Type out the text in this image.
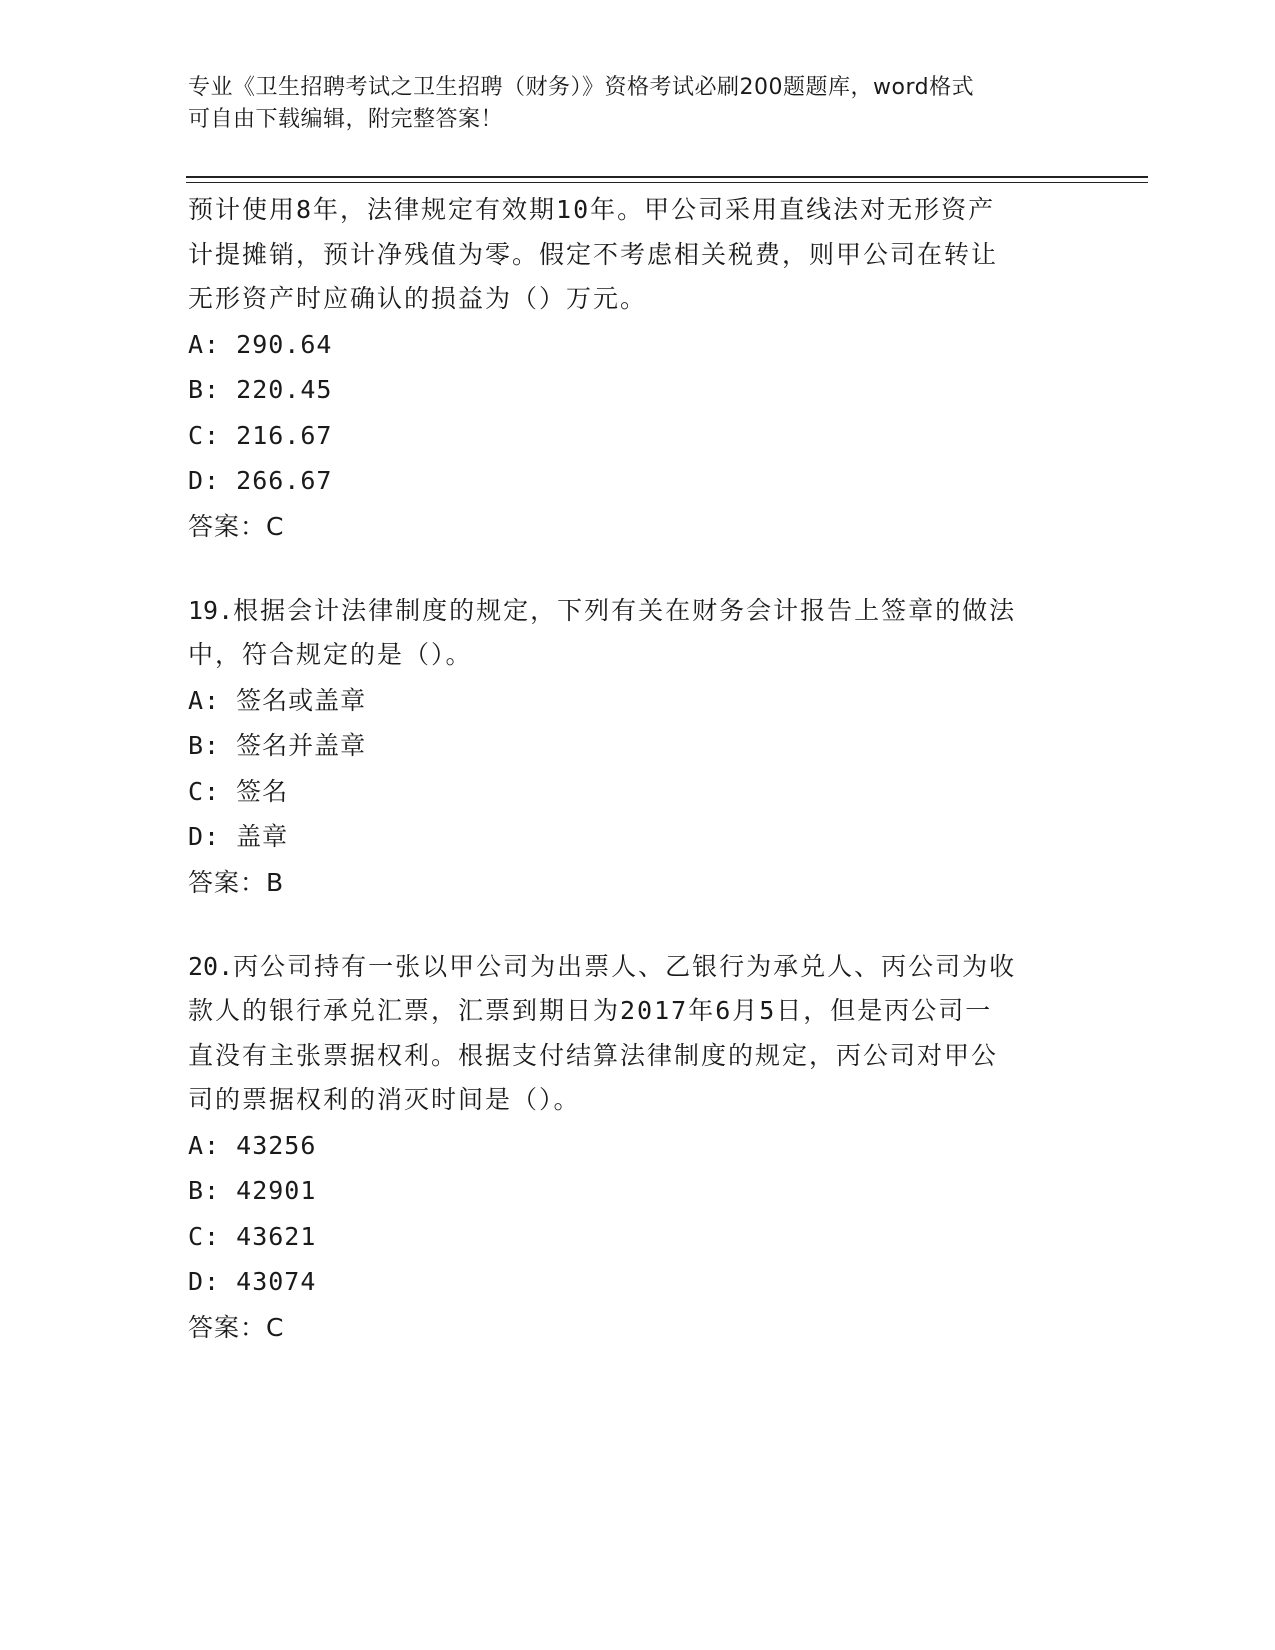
专业《卫生招聘考试之卫生招聘（财务）》资格考试必刷200题题库，word格式
可自由下载编辑，附完整答案！
预计使用8年，法律规定有效期10年。甲公司采用直线法对无形资产
计提摊销，预计净残值为零。假定不考虑相关税费，则甲公司在转让
无形资产时应确认的损益为（）万元。
A: 290.64
B: 220.45
C: 216.67
D: 266.67
答案：C
19.根据会计法律制度的规定，下列有关在财务会计报告上签章的做法
中，符合规定的是（）。
A: 签名或盖章
B: 签名并盖章
C: 签名
D: 盖章
答案：B
20.丙公司持有一张以甲公司为出票人、乙银行为承兑人、丙公司为收
款人的银行承兑汇票，汇票到期日为2017年6月5日，但是丙公司一
直没有主张票据权利。根据支付结算法律制度的规定，丙公司对甲公
司的票据权利的消灭时间是（）。
A: 43256
B: 42901
C: 43621
D: 43074
答案：C
